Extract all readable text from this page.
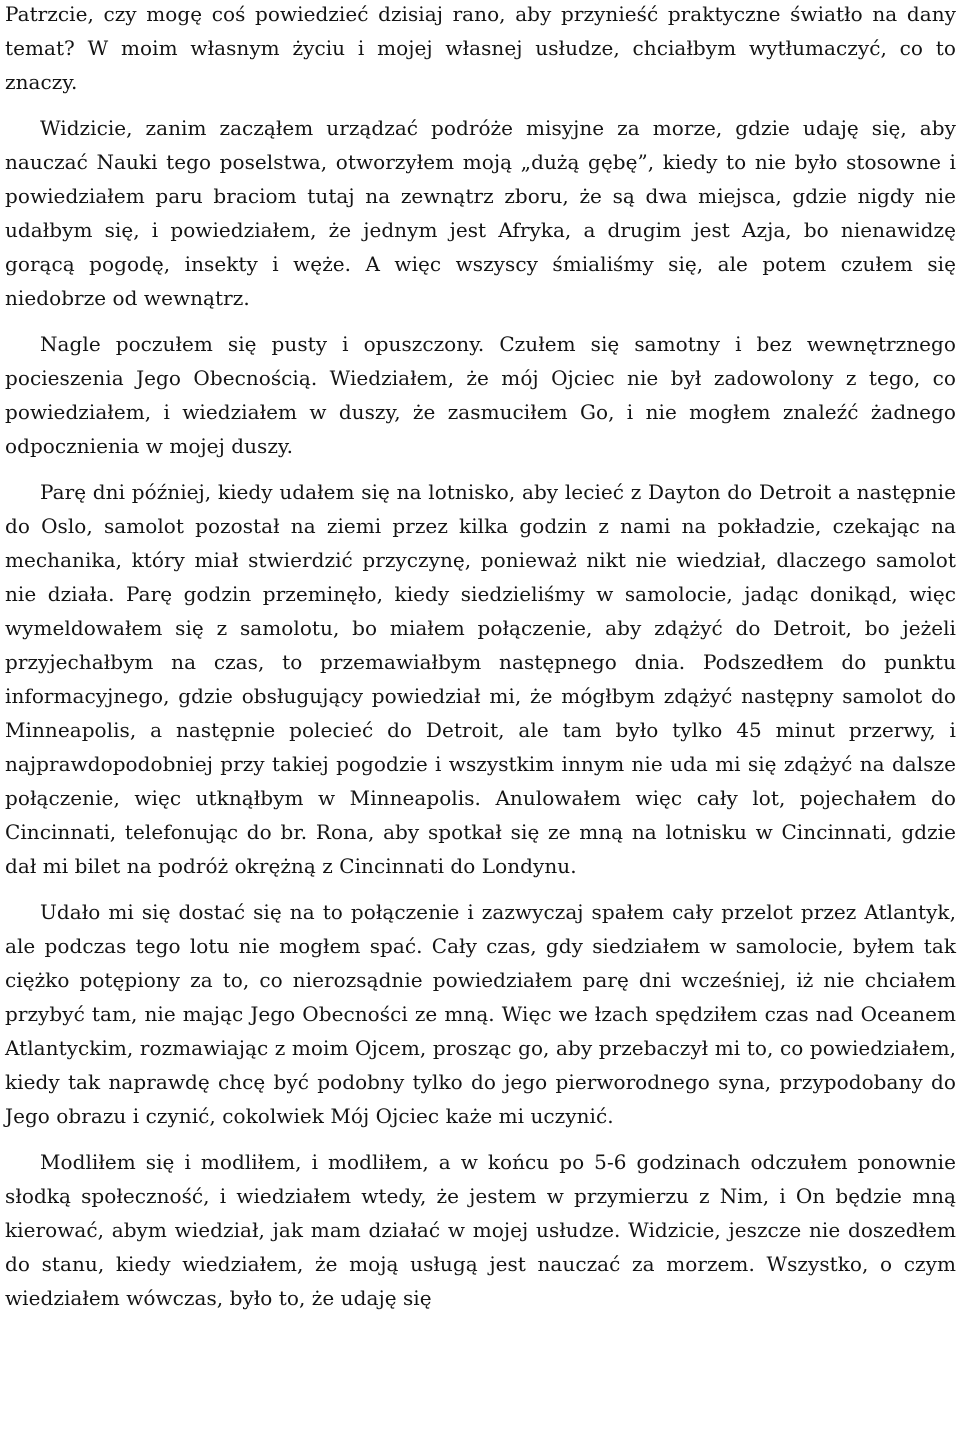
Patrzcie, czy mogę coś powiedzieć dzisiaj rano, aby przynieść praktyczne światło na dany temat? W moim własnym życiu i mojej własnej usłudze, chciałbym wytłumaczyć, co to znaczy.

Widzicie, zanim zacząłem urządzać podróże misyjne za morze, gdzie udaję się, aby nauczać Nauki tego poselstwa, otworzyłem moją „dużą gębę”, kiedy to nie było stosowne i powiedziałem paru braciom tutaj na zewnątrz zboru, że są dwa miejsca, gdzie nigdy nie udałbym się, i powiedziałem, że jednym jest Afryka, a drugim jest Azja, bo nienawidzę gorącą pogodę, insekty i węże. A więc wszyscy śmialiśmy się, ale potem czułem się niedobrze od wewnątrz.

Nagle poczułem się pusty i opuszczony. Czułem się samotny i bez wewnętrznego pocieszenia Jego Obecnością. Wiedziałem, że mój Ojciec nie był zadowolony z tego, co powiedziałem, i wiedziałem w duszy, że zasmuciłem Go, i nie mogłem znaleźć żadnego odpocznienia w mojej duszy.

Parę dni później, kiedy udałem się na lotnisko, aby lecieć z Dayton do Detroit a następnie do Oslo, samolot pozostał na ziemi przez kilka godzin z nami na pokładzie, czekając na mechanika, który miał stwierdzić przyczynę, ponieważ nikt nie wiedział, dlaczego samolot nie działa. Parę godzin przeminęło, kiedy siedzieliśmy w samolocie, jadąc donikąd, więc wymeldowałem się z samolotu, bo miałem połączenie, aby zdążyć do Detroit, bo jeżeli przyjechałbym na czas, to przemawiałbym następnego dnia. Podszedłem do punktu informacyjnego, gdzie obsługujący powiedział mi, że mógłbym zdążyć następny samolot do Minneapolis, a następnie polecieć do Detroit, ale tam było tylko 45 minut przerwy, i najprawdopodobniej przy takiej pogodzie i wszystkim innym nie uda mi się zdążyć na dalsze połączenie, więc utknąłbym w Minneapolis. Anulowałem więc cały lot, pojechałem do Cincinnati, telefonując do br. Rona, aby spotkał się ze mną na lotnisku w Cincinnati, gdzie dał mi bilet na podróż okrężną z Cincinnati do Londynu.

Udało mi się dostać się na to połączenie i zazwyczaj spałem cały przelot przez Atlantyk, ale podczas tego lotu nie mogłem spać. Cały czas, gdy siedziałem w samolocie, byłem tak ciężko potępiony za to, co nierozsądnie powiedziałem parę dni wcześniej, iż nie chciałem przybyć tam, nie mając Jego Obecności ze mną. Więc we łzach spędziłem czas nad Oceanem Atlantyckim, rozmawiając z moim Ojcem, prosząc go, aby przebaczył mi to, co powiedziałem, kiedy tak naprawdę chcę być podobny tylko do jego pierworodnego syna, przypodobany do Jego obrazu i czynić, cokolwiek Mój Ojciec każe mi uczynić.

Modliłem się i modliłem, i modliłem, a w końcu po 5-6 godzinach odczułem ponownie słodką społeczność, i wiedziałem wtedy, że jestem w przymierzu z Nim, i On będzie mną kierować, abym wiedział, jak mam działać w mojej usłudze. Widzicie, jeszcze nie doszedłem do stanu, kiedy wiedziałem, że moją usługą jest nauczać za morzem. Wszystko, o czym wiedziałem wówczas, było to, że udaję się
